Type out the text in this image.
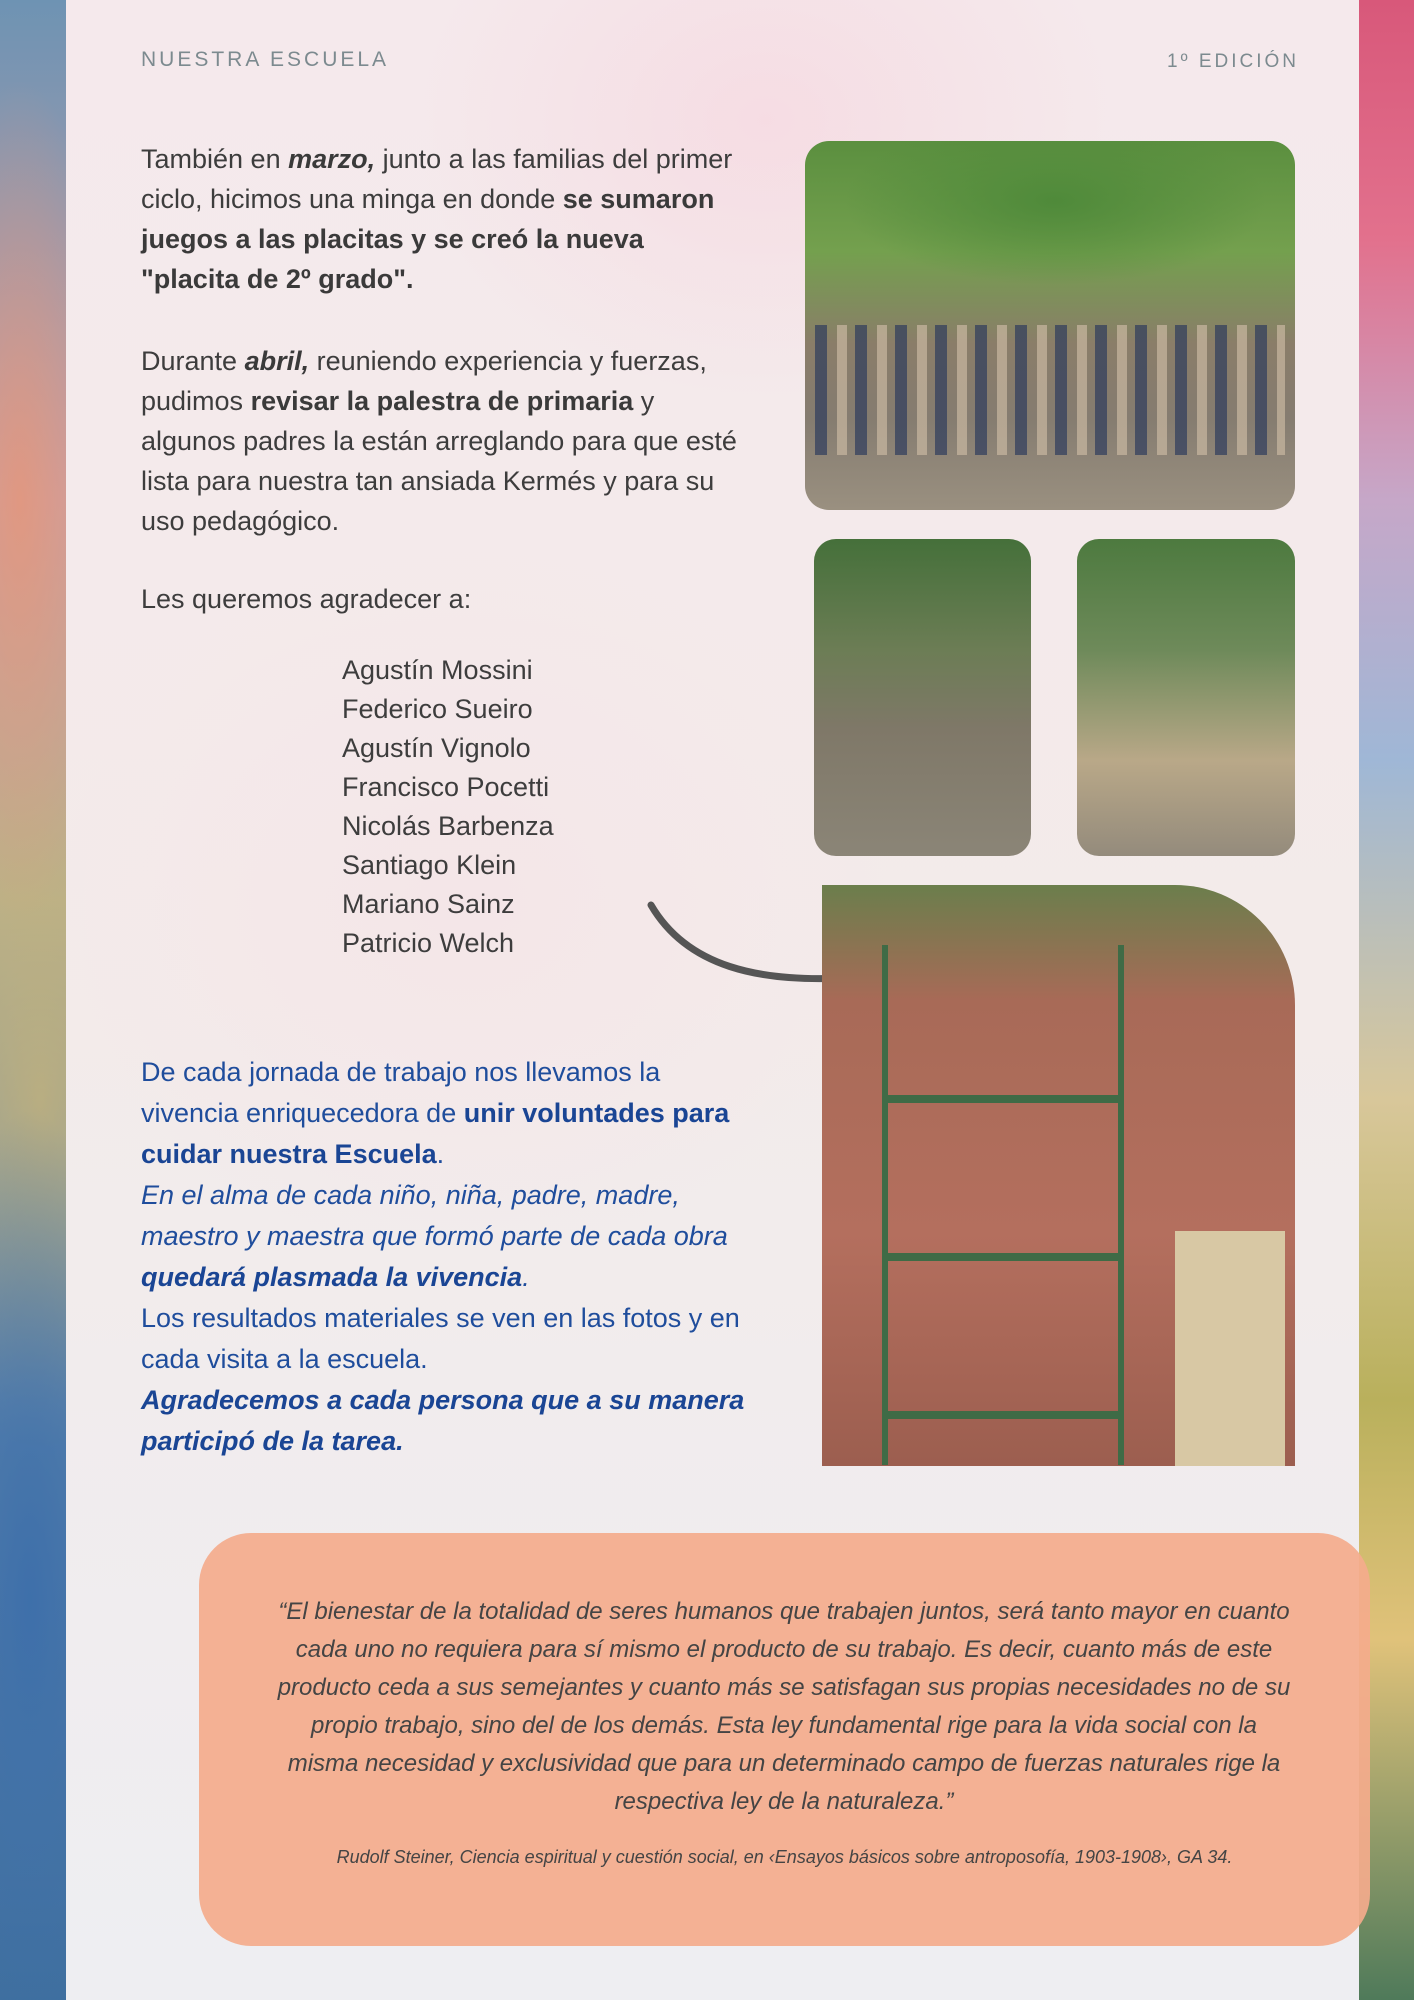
NUESTRA ESCUELA	1º EDICIÓN
También en marzo, junto a las familias del primer ciclo, hicimos una minga en donde se sumaron juegos a las placitas y se creó la nueva "placita de 2º grado".
Durante abril, reuniendo experiencia y fuerzas, pudimos revisar la palestra de primaria y algunos padres la están arreglando para que esté lista para nuestra tan ansiada Kermés y para su uso pedagógico.
Les queremos agradecer a:
Agustín Mossini
Federico Sueiro
Agustín Vignolo
Francisco Pocetti
Nicolás Barbenza
Santiago Klein
Mariano Sainz
Patricio Welch
De cada jornada de trabajo nos llevamos la vivencia enriquecedora de unir voluntades para cuidar nuestra Escuela.
En el alma de cada niño, niña, padre, madre, maestro y maestra que formó parte de cada obra quedará plasmada la vivencia.
Los resultados materiales se ven en las fotos y en cada visita a la escuela.
Agradecemos a cada persona que a su manera participó de la tarea.
“El bienestar de la totalidad de seres humanos que trabajen juntos, será tanto mayor en cuanto cada uno no requiera para sí mismo el producto de su trabajo. Es decir, cuanto más de este producto ceda a sus semejantes y cuanto más se satisfagan sus propias necesidades no de su propio trabajo, sino del de los demás. Esta ley fundamental rige para la vida social con la misma necesidad y exclusividad que para un determinado campo de fuerzas naturales rige la respectiva ley de la naturaleza.”
Rudolf Steiner, Ciencia espiritual y cuestión social, en ‹Ensayos básicos sobre antroposofía, 1903-1908›, GA 34.
